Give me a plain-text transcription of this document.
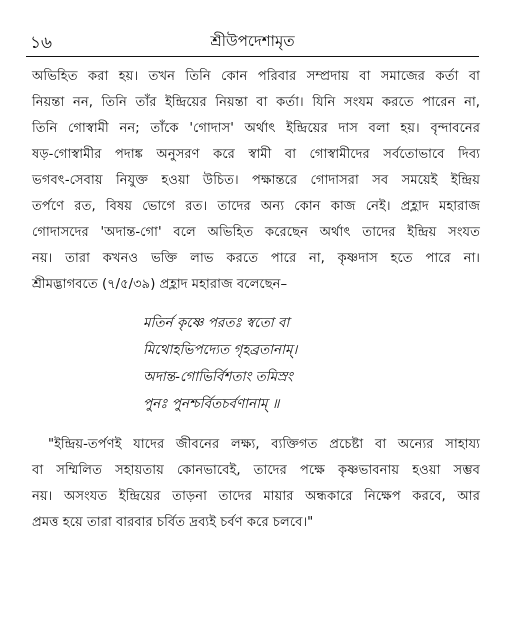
১৬	শ্রীউপদেশামৃত
অভিহিত করা হয়। তখন তিনি কোন পরিবার সম্প্রদায় বা সমাজের কর্তা বা
নিয়ন্তা নন, তিনি তাঁর ইন্দ্রিয়ের নিয়ন্তা বা কর্তা। যিনি সংযম করতে পারেন না,
তিনি গোস্বামী নন; তাঁকে 'গোদাস' অর্থাৎ ইন্দ্রিয়ের দাস বলা হয়। বৃন্দাবনের
ষড়-গোস্বামীর পদাঙ্ক অনুসরণ করে স্বামী বা গোস্বামীদের সর্বতোভাবে দিব্য
ভগবৎ-সেবায় নিযুক্ত হওয়া উচিত। পক্ষান্তরে গোদাসরা সব সময়েই ইন্দ্রিয়
তর্পণে রত, বিষয় ভোগে রত। তাদের অন্য কোন কাজ নেই। প্রহ্লাদ মহারাজ
গোদাসদের 'অদান্ত-গো' বলে অভিহিত করেছেন অর্থাৎ তাদের ইন্দ্রিয় সংযত
নয়। তারা কখনও ভক্তি লাভ করতে পারে না, কৃষ্ণদাস হতে পারে না।
শ্রীমদ্ভাগবতে (৭/৫/৩৯) প্রহ্লাদ মহারাজ বলেছেন–
মতির্ন কৃষ্ণে পরতঃ স্বতো বা
মিথোহভিপদ্যেত গৃহব্রতানাম্।
অদান্ত-গোভির্বিশতাং তমিস্রং
পুনঃ পুনশ্চর্বিতচর্বণানাম্ ॥
"ইন্দ্রিয়-তর্পণই যাদের জীবনের লক্ষ্য, ব্যক্তিগত প্রচেষ্টা বা অন্যের সাহায্য
বা সম্মিলিত সহায়তায় কোনভাবেই, তাদের পক্ষে কৃষ্ণভাবনায় হওয়া সম্ভব
নয়। অসংযত ইন্দ্রিয়ের তাড়না তাদের মায়ার অন্ধকারে নিক্ষেপ করবে, আর
প্রমত্ত হয়ে তারা বারবার চর্বিত দ্রব্যই চর্বণ করে চলবে।"
